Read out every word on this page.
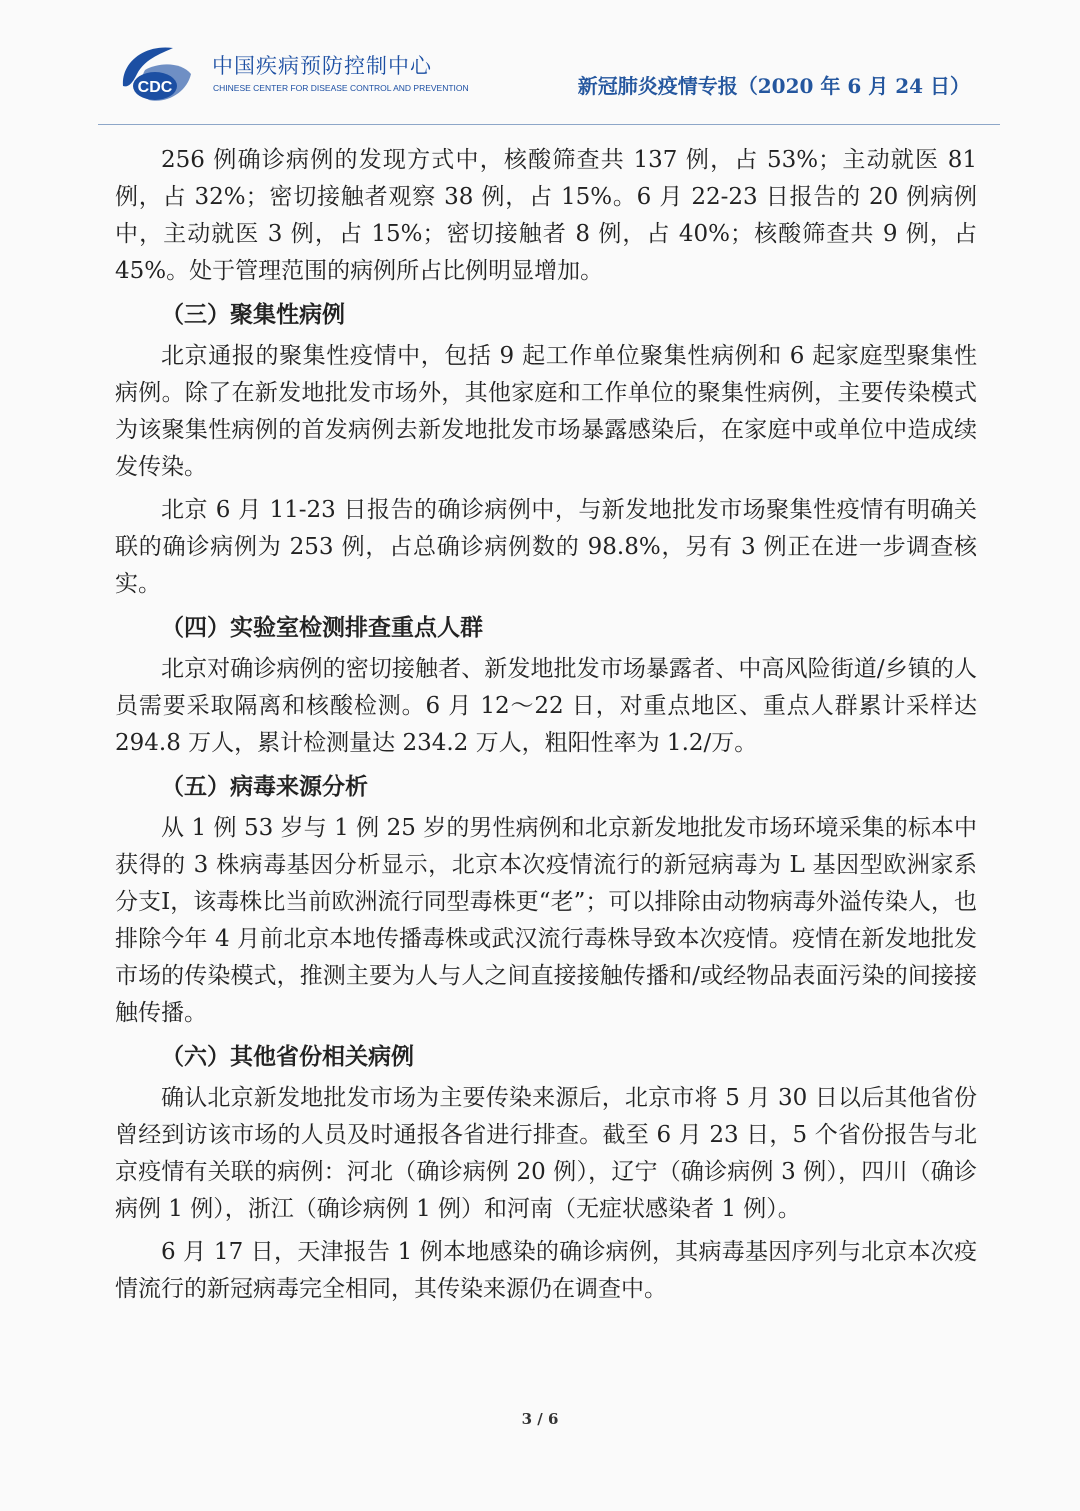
CDC
中国疾病预防控制中心
CHINESE CENTER FOR DISEASE CONTROL AND PREVENTION	新冠肺炎疫情专报（2020 年 6 月 24 日）

256 例确诊病例的发现方式中，核酸筛查共 137 例，占 53%；主动就医 81 例，占 32%；密切接触者观察 38 例，占 15%。6 月 22-23 日报告的 20 例病例中，主动就医 3 例，占 15%；密切接触者 8 例，占 40%；核酸筛查共 9 例，占 45%。处于管理范围的病例所占比例明显增加。

（三）聚集性病例

北京通报的聚集性疫情中，包括 9 起工作单位聚集性病例和 6 起家庭型聚集性病例。除了在新发地批发市场外，其他家庭和工作单位的聚集性病例，主要传染模式为该聚集性病例的首发病例去新发地批发市场暴露感染后，在家庭中或单位中造成续发传染。

北京 6 月 11-23 日报告的确诊病例中，与新发地批发市场聚集性疫情有明确关联的确诊病例为 253 例，占总确诊病例数的 98.8%，另有 3 例正在进一步调查核实。

（四）实验室检测排查重点人群

北京对确诊病例的密切接触者、新发地批发市场暴露者、中高风险街道/乡镇的人员需要采取隔离和核酸检测。6 月 12～22 日，对重点地区、重点人群累计采样达 294.8 万人，累计检测量达 234.2 万人，粗阳性率为 1.2/万。

（五）病毒来源分析

从 1 例 53 岁与 1 例 25 岁的男性病例和北京新发地批发市场环境采集的标本中获得的 3 株病毒基因分析显示，北京本次疫情流行的新冠病毒为 L 基因型欧洲家系分支Ⅰ，该毒株比当前欧洲流行同型毒株更“老”；可以排除由动物病毒外溢传染人，也排除今年 4 月前北京本地传播毒株或武汉流行毒株导致本次疫情。疫情在新发地批发市场的传染模式，推测主要为人与人之间直接接触传播和/或经物品表面污染的间接接触传播。

（六）其他省份相关病例

确认北京新发地批发市场为主要传染来源后，北京市将 5 月 30 日以后其他省份曾经到访该市场的人员及时通报各省进行排查。截至 6 月 23 日，5 个省份报告与北京疫情有关联的病例：河北（确诊病例 20 例），辽宁（确诊病例 3 例），四川（确诊病例 1 例），浙江（确诊病例 1 例）和河南（无症状感染者 1 例）。

6 月 17 日，天津报告 1 例本地感染的确诊病例，其病毒基因序列与北京本次疫情流行的新冠病毒完全相同，其传染来源仍在调查中。

3 / 6
